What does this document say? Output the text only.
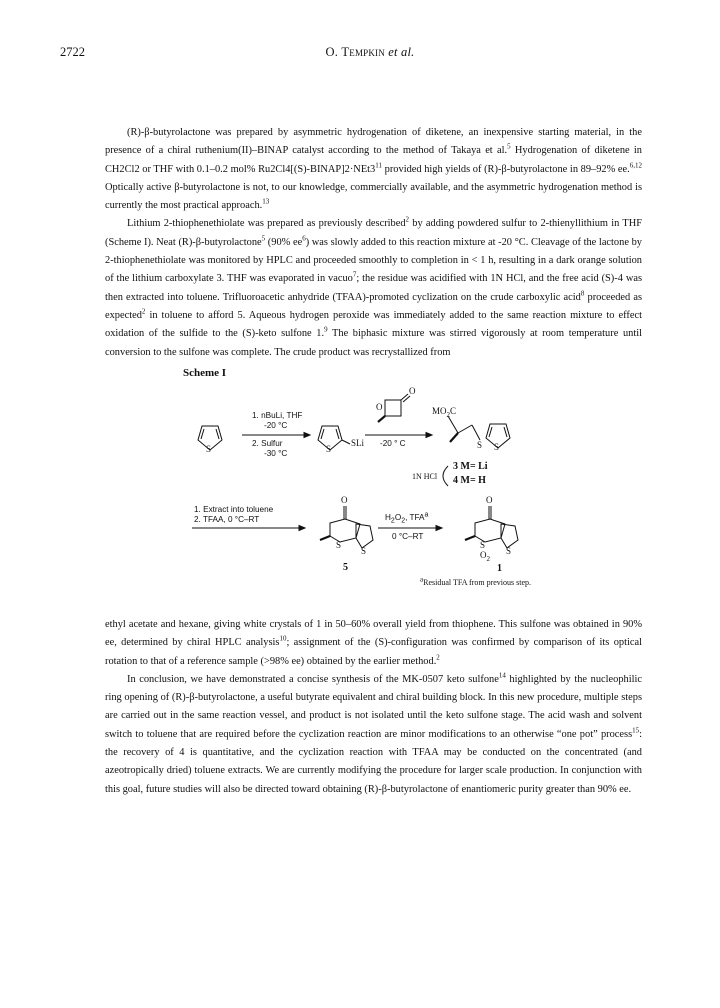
2722	O. Tempkin et al.

(R)-β-butyrolactone was prepared by asymmetric hydrogenation of diketene, an inexpensive starting material, in the presence of a chiral ruthenium(II)–BINAP catalyst according to the method of Takaya et al.$^5$ Hydrogenation of diketene in CH2Cl2 or THF with 0.1–0.2 mol% $Ru2Cl4[(S)-BINAP]2\cdot NEt3^{11}$ provided high yields of (R)-β-butyrolactone in 89–92% ee.$^{6,12}$ Optically active β-butyrolactone is not, to our knowledge, commercially available, and the asymmetric hydrogenation method is currently the most practical approach.$^{13}$

Lithium 2-thiophenethiolate was prepared as previously described$^2$ by adding powdered sulfur to 2-thienyllithium in THF (Scheme I). Neat (R)-β-butyrolactone$^5$ (90% $ee^6$) was slowly added to this reaction mixture at -20 °C. Cleavage of the lactone by 2-thiophenethiolate was monitored by HPLC and proceeded smoothly to completion in < 1 h, resulting in a dark orange solution of the lithium carboxylate 3. THF was evaporated in vacuo$^7$; the residue was acidified with 1N HCl, and the free acid (S)-4 was then extracted into toluene. Trifluoroacetic anhydride (TFAA)-promoted cyclization on the crude carboxylic acid$^8$ proceeded as expected$^2$ in toluene to afford 5. Aqueous hydrogen peroxide was immediately added to the same reaction mixture to effect oxidation of the sulfide to the (S)-keto sulfone 1.$^9$ The biphasic mixture was stirred vigorously at room temperature until conversion to the sulfone was complete. The crude product was recrystallized from

Scheme I
S	S
SLi
O
O
$MO_2C$
S S
O
S
S
O
S
$O_2$
S
1. nBuLi, THF
-20 °C
2. Sulfur
-30 °C
-20 ° C
1N HCl
3 M= Li
4 M= H
1. Extract into toluene
2. TFAA, 0 °C–RT	$H_2O_2$, TFA$^a$
0 °C–RT
5	1
$^a$Residual TFA from previous step.

ethyl acetate and hexane, giving white crystals of 1 in 50–60% overall yield from thiophene. This sulfone was obtained in 90% ee, determined by chiral HPLC analysis$^{10}$; assignment of the (S)-configuration was confirmed by comparison of its optical rotation to that of a reference sample (>98% ee) obtained by the earlier method.$^2$

In conclusion, we have demonstrated a concise synthesis of the MK-0507 keto sulfone$^{14}$ highlighted by the nucleophilic ring opening of (R)-β-butyrolactone, a useful butyrate equivalent and chiral building block. In this new procedure, multiple steps are carried out in the same reaction vessel, and product is not isolated until the keto sulfone stage. The acid wash and solvent switch to toluene that are required before the cyclization reaction are minor modifications to an otherwise “one pot” process$^{15}$: the recovery of 4 is quantitative, and the cyclization reaction with TFAA may be conducted on the concentrated (and azeotropically dried) toluene extracts. We are currently modifying the procedure for larger scale production. In conjunction with this goal, future studies will also be directed toward obtaining (R)-β-butyrolactone of enantiomeric purity greater than 90% ee.
